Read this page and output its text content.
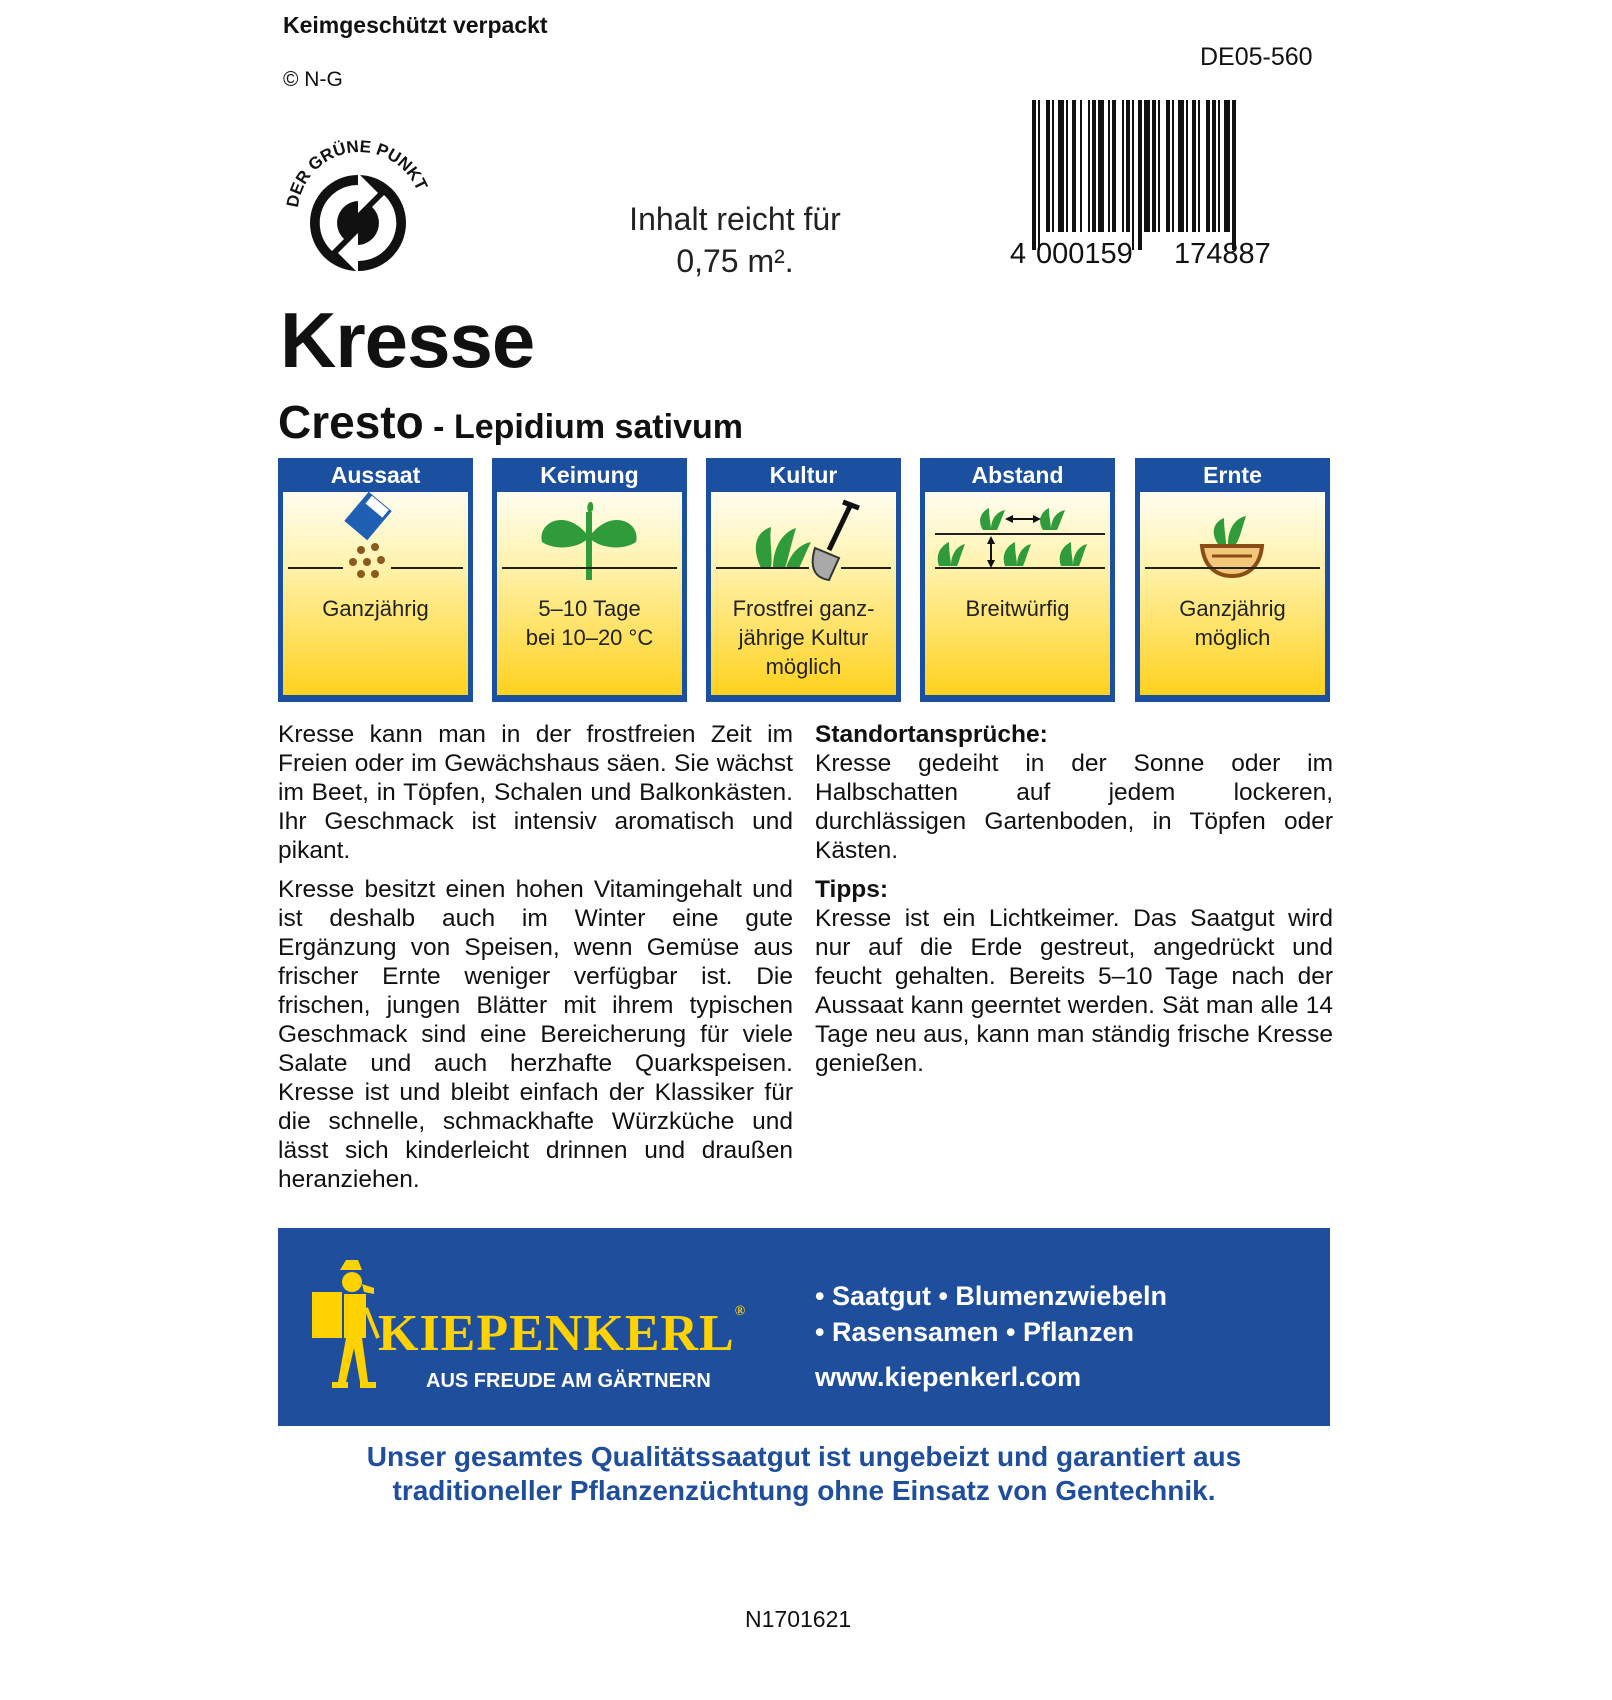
Keimgeschützt verpackt
© N-G
DE05-560
DER GRÜNE PUNKT
Inhalt reicht für
0,75 m².	4 000159 174887
Kresse
Cresto - Lepidium sativum
Aussaat
Ganzjährig
Keimung
5–10 Tage
bei 10–20 °C
Kultur
Frostfrei ganz-
jährige Kultur
möglich
Abstand
Breitwürfig
Ernte
Ganzjährig
möglich

Kresse kann man in der frostfreien Zeit im Freien oder im Gewächshaus säen. Sie wächst im Beet, in Töpfen, Schalen und Balkonkästen. Ihr Geschmack ist intensiv aromatisch und pikant.

Kresse besitzt einen hohen Vitamingehalt und ist deshalb auch im Winter eine gute Ergänzung von Speisen, wenn Gemüse aus frischer Ernte weniger verfügbar ist. Die frischen, jungen Blätter mit ihrem typischen Geschmack sind eine Bereicherung für viele Salate und auch herzhafte Quarkspeisen. Kresse ist und bleibt einfach der Klassiker für die schnelle, schmackhafte Würzküche und lässt sich kinderleicht drinnen und draußen heranziehen.

Standortansprüche:

Kresse gedeiht in der Sonne oder im Halbschatten auf jedem lockeren, durchlässigen Gartenboden, in Töpfen oder Kästen.

Tipps:

Kresse ist ein Lichtkeimer. Das Saatgut wird nur auf die Erde gestreut, angedrückt und feucht gehalten. Bereits 5–10 Tage nach der Aussaat kann geerntet werden. Sät man alle 14 Tage neu aus, kann man ständig frische Kresse genießen.

KIEPENKERL®
AUS FREUDE AM GÄRTNERN
• Saatgut • Blumenzwiebeln
• Rasensamen • Pflanzen
www.kiepenkerl.com
Unser gesamtes Qualitätssaatgut ist ungebeizt und garantiert aus
traditioneller Pflanzenzüchtung ohne Einsatz von Gentechnik.
N1701621
